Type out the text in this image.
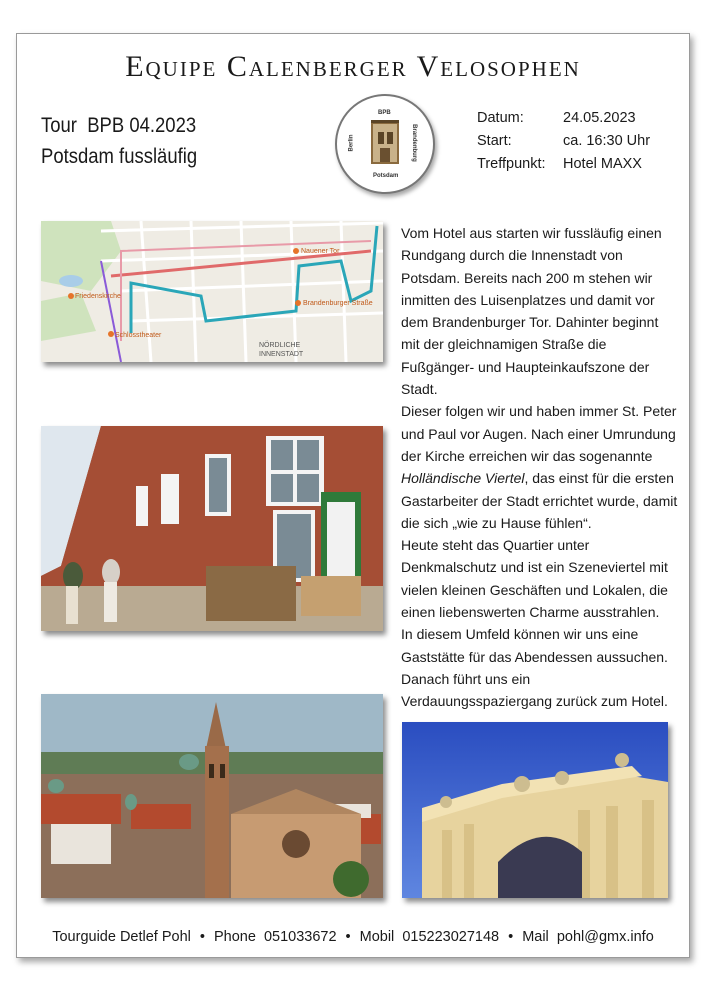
Equipe Calenberger Velosophen
Tour  BPB 04.2023
Potsdam fussläufig
BPB
Berlin	Brandenburg
Potsdam
Datum:	24.05.2023
Start:	ca. 16:30 Uhr
Treffpunkt:	Hotel MAXX
Nauener Tor
Brandenburger Straße
Friedenskirche
Schlosstheater
NÖRDLICHE
INNENSTADT

Vom Hotel aus starten wir fussläufig einen Rundgang durch die Innenstadt von Potsdam. Bereits nach 200 m stehen wir inmitten des Luisenplatzes und damit vor dem Brandenburger Tor. Dahinter beginnt mit der gleichnamigen Straße die Fußgänger- und Haupteinkaufszone der Stadt.

Dieser folgen wir und haben immer St. Peter und Paul vor Augen. Nach einer Umrundung der Kirche erreichen wir das sogenannte Holländische Viertel, das einst für die ersten Gastarbeiter der Stadt errichtet wurde, damit die sich „wie zu Hause fühlen“.

Heute steht das Quartier unter Denkmalschutz und ist ein Szeneviertel mit vielen kleinen Geschäften und Lokalen, die einen liebenswerten Charme ausstrahlen.

In diesem Umfeld können wir uns eine Gaststätte für das Abendessen aussuchen. Danach führt uns ein Verdauungsspaziergang zurück zum Hotel.

Tourguide Detlef Pohl • Phone  051033672 • Mobil  015223027148 • Mail  pohl@gmx.info
